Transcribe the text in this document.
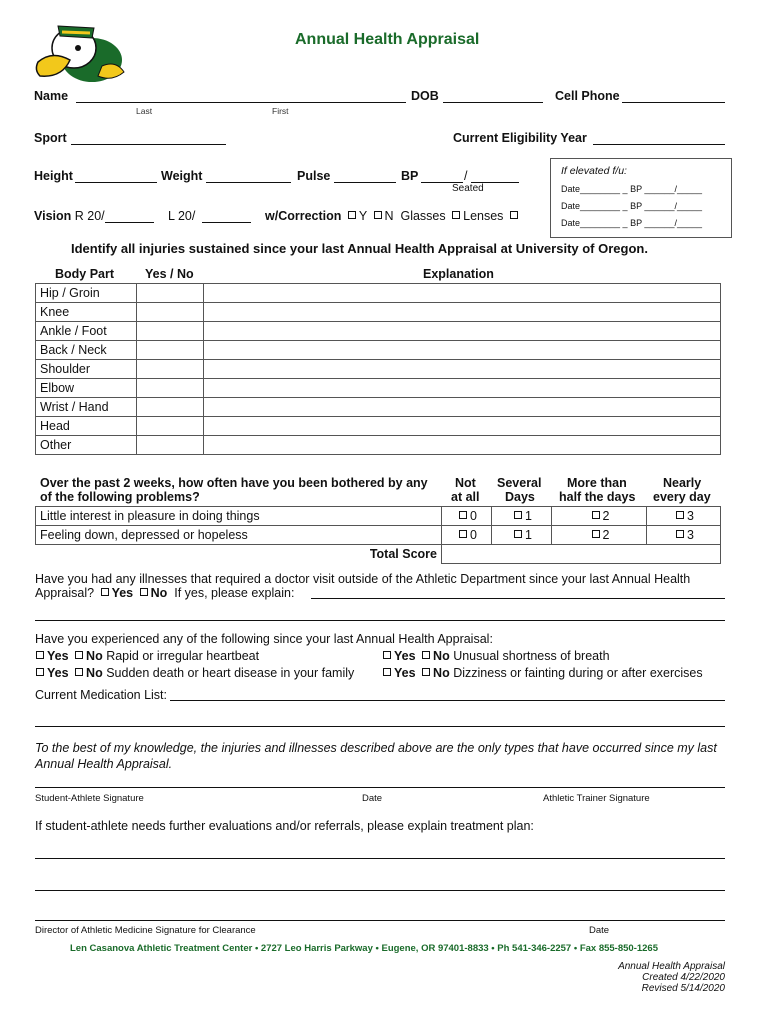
Annual Health Appraisal
Name
Last	First
DOB	Cell Phone
Sport	Current Eligibility Year
Height	Weight	Pulse	BP	/
Seated
Vision R 20/	L 20/	w/Correction Y N Glasses Lenses
If elevated f/u:
Date________ _ BP ______/_____
Date________ _ BP ______/_____
Date________ _ BP ______/_____
Identify all injuries sustained since your last Annual Health Appraisal at University of Oregon.
Body Part Yes / No	Explanation
Hip / Groin		
Knee		
Ankle / Foot		
Back / Neck		
Shoulder		
Elbow		
Wrist / Hand		
Head		
Other		
Over the past 2 weeks, how often have you been bothered by any
of the following problems?
Not
at all
Several
Days
More than
half the days
Nearly
every day
Little interest in pleasure in doing things	0	1	2	3
Feeling down, depressed or hopeless	0	1	2	3
Total Score				
Have you had any illnesses that required a doctor visit outside of the Athletic Department since your last Annual Health
Appraisal? Yes No If yes, please explain:
Have you experienced any of the following since your last Annual Health Appraisal:
Yes No Rapid or irregular heartbeat	Yes No Unusual shortness of breath
Yes No Sudden death or heart disease in your family	Yes No Dizziness or fainting during or after exercises
Current Medication List:
To the best of my knowledge, the injuries and illnesses described above are the only types that have occurred since my last
Annual Health Appraisal.
Student-Athlete Signature	Date	Athletic Trainer Signature
If student-athlete needs further evaluations and/or referrals, please explain treatment plan:
Director of Athletic Medicine Signature for Clearance	Date
Len Casanova Athletic Treatment Center • 2727 Leo Harris Parkway • Eugene, OR 97401-8833 • Ph 541-346-2257 • Fax 855-850-1265
Annual Health Appraisal
Created 4/22/2020
Revised 5/14/2020
